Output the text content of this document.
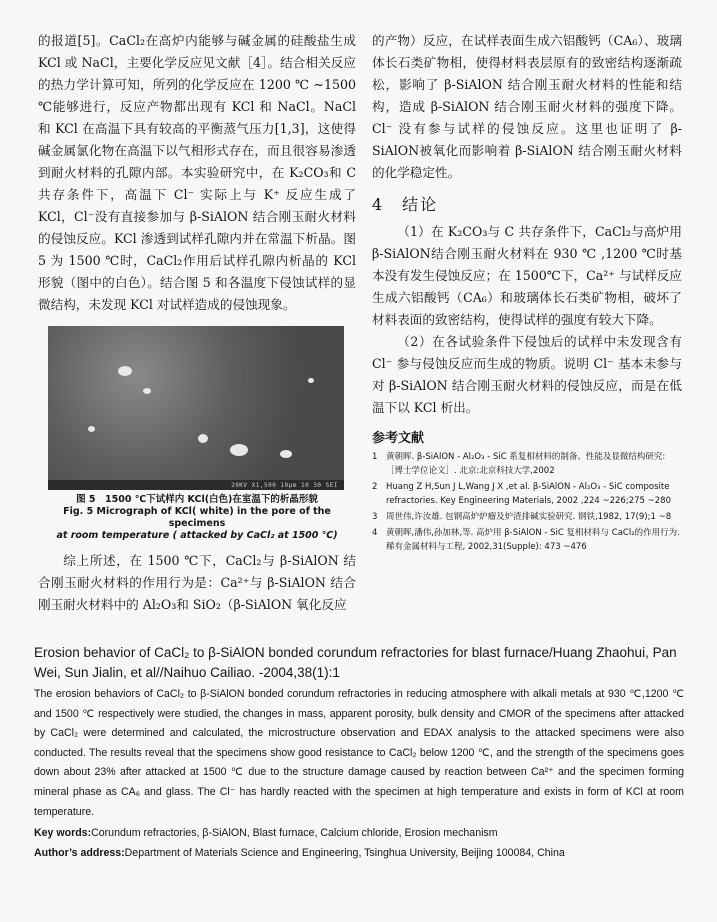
的报道[5]。CaCl₂在高炉内能够与碱金属的硅酸盐生成 KCl 或 NaCl，主要化学反应见文献［4］。结合相关反应的热力学计算可知，所列的化学反应在 1200 ℃ ~1500 ℃能够进行，反应产物都出现有 KCl 和 NaCl。NaCl 和 KCl 在高温下具有较高的平衡蒸气压力[1,3]，这使得碱金属氯化物在高温下以气相形式存在，而且很容易渗透到耐火材料的孔隙内部。本实验研究中，在 K₂CO₃和 C 共存条件下，高温下 Cl⁻ 实际上与 K⁺ 反应生成了 KCl，Cl⁻没有直接参加与 β-SiAlON 结合刚玉耐火材料的侵蚀反应。KCl 渗透到试样孔隙内并在常温下析晶。图 5 为 1500 ℃时，CaCl₂作用后试样孔隙内析晶的 KCl 形貌（图中的白色）。结合图 5 和各温度下侵蚀试样的显微结构，未发现 KCl 对试样造成的侵蚀现象。

20KV X1,500 10μm 10 30 SEI
图 5　1500 ℃下试样内 KCl(白色)在室温下的析晶形貌
Fig. 5 Micrograph of KCl( white) in the pore of the specimens
at room temperature ( attacked by CaCl₂ at 1500 ℃)

综上所述，在 1500 ℃下，CaCl₂与 β-SiAlON 结合刚玉耐火材料的作用行为是：Ca²⁺与 β-SiAlON 结合刚玉耐火材料中的 Al₂O₃和 SiO₂（β-SiAlON 氧化反应

的产物）反应，在试样表面生成六铝酸钙（CA₆）、玻璃体长石类矿物相，使得材料表层原有的致密结构逐渐疏松，影响了 β-SiAlON 结合刚玉耐火材料的性能和结构，造成 β-SiAlON 结合刚玉耐火材料的强度下降。Cl⁻ 没有参与试样的侵蚀反应。这里也证明了 β-SiAlON被氧化而影响着 β-SiAlON 结合刚玉耐火材料的化学稳定性。

4　结论

（1）在 K₂CO₃与 C 共存条件下，CaCl₂与高炉用 β-SiAlON结合刚玉耐火材料在 930 ℃ ,1200 ℃时基本没有发生侵蚀反应；在 1500℃下，Ca²⁺ 与试样反应生成六铝酸钙（CA₆）和玻璃体长石类矿物相，破坏了材料表面的致密结构，使得试样的强度有较大下降。

（2）在各试验条件下侵蚀后的试样中未发现含有 Cl⁻ 参与侵蚀反应而生成的物质。说明 Cl⁻ 基本未参与对 β-SiAlON 结合刚玉耐火材料的侵蚀反应，而是在低温下以 KCl 析出。

参考文献
1	黄朝晖. β-SiAlON - Al₂O₃ - SiC 系复相材料的制备、性能及显微结构研究:［博士学位论文］. 北京:北京科技大学,2002
2	Huang Z H,Sun J L,Wang J X ,et al. β-SiAlON - Al₂O₃ - SiC composite refractories. Key Engineering Materials, 2002 ,224 ~226;275 ~280
3	周世伟,许汝雄. 包钢高炉炉瘤及炉渣排碱实验研究. 钢铁,1982, 17(9);1 ~8
4	黄朝晖,潘伟,孙加林,等. 高炉用 β-SiAlON - SiC 复相材料与 CaCl₂的作用行为. 稀有金属材料与工程, 2002,31(Supple): 473 ~476

Erosion behavior of CaCl₂ to β-SiAlON bonded corundum refractories for blast furnace/Huang Zhaohui, Pan Wei, Sun Jialin, et al//Naihuo Cailiao. -2004,38(1):1

The erosion behaviors of CaCl₂ to β-SiAlON bonded corundum refractories in reducing atmosphere with alkali metals at 930 ℃,1200 ℃ and 1500 ℃ respectively were studied, the changes in mass, apparent porosity, bulk density and CMOR of the specimens after attacked by CaCl₂ were determined and calculated, the microstructure observation and EDAX analysis to the attacked specimens were also conducted. The results reveal that the specimens show good resistance to CaCl₂ below 1200 ℃, and the strength of the specimens goes down about 23% after attacked at 1500 ℃ due to the structure damage caused by reaction between Ca²⁺ and the specimen forming mineral phase as CA₆ and glass. The Cl⁻ has hardly reacted with the specimen at high temperature and exists in form of KCl at room temperature.

Key words:Corundum refractories, β-SiAlON, Blast furnace, Calcium chloride, Erosion mechanism

Author’s address:Department of Materials Science and Engineering, Tsinghua University, Beijing 100084, China
